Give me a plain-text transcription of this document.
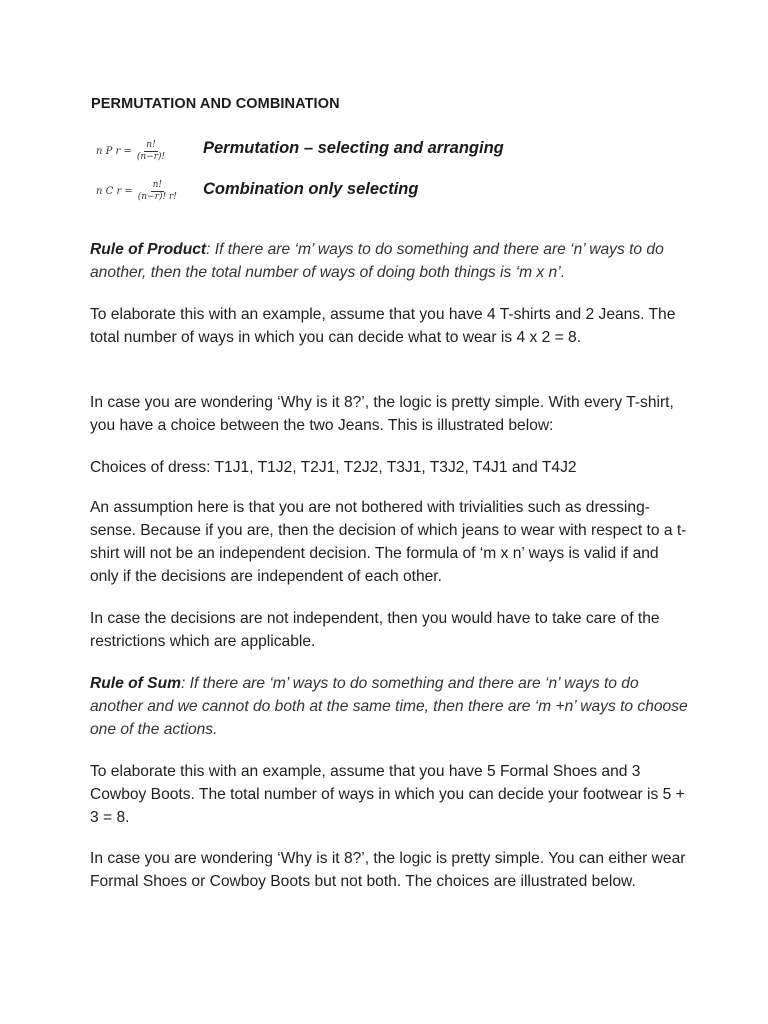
PERMUTATION AND COMBINATION
n P $r = \frac{n!}{(n-r)!}$ Permutation – selecting and arranging
n C $r = \frac{n!}{(n-r)! r!}$ Combination only selecting
Rule of Product: If there are ‘m’ ways to do something and there are ‘n’ ways to do another, then the total number of ways of doing both things is ‘m x n’.
To elaborate this with an example, assume that you have 4 T-shirts and 2 Jeans. The total number of ways in which you can decide what to wear is 4 x 2 = 8.
In case you are wondering ‘Why is it 8?’, the logic is pretty simple. With every T-shirt, you have a choice between the two Jeans. This is illustrated below:
Choices of dress: T1J1, T1J2, T2J1, T2J2, T3J1, T3J2, T4J1 and T4J2
An assumption here is that you are not bothered with trivialities such as dressing-sense. Because if you are, then the decision of which jeans to wear with respect to a t-shirt will not be an independent decision. The formula of ‘m x n’ ways is valid if and only if the decisions are independent of each other.
In case the decisions are not independent, then you would have to take care of the restrictions which are applicable.
Rule of Sum: If there are ‘m’ ways to do something and there are ‘n’ ways to do another and we cannot do both at the same time, then there are ‘m +n’ ways to choose one of the actions.
To elaborate this with an example, assume that you have 5 Formal Shoes and 3 Cowboy Boots. The total number of ways in which you can decide your footwear is 5 + 3 = 8.
In case you are wondering ‘Why is it 8?’, the logic is pretty simple. You can either wear Formal Shoes or Cowboy Boots but not both. The choices are illustrated below.
